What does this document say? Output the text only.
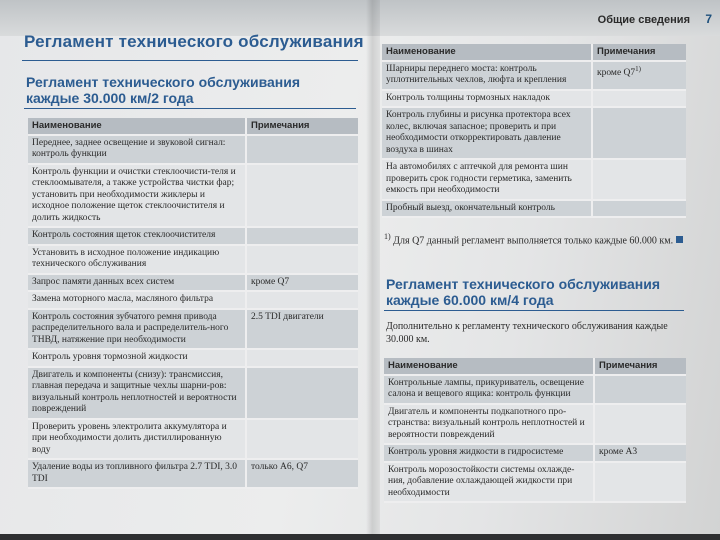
Общие сведения 7
Регламент технического обслуживания
Регламент технического обслуживания
каждые 30.000 км/2 года
Наименование	Примечания
Переднее, заднее освещение и звуковой сигнал: контроль функции	
Контроль функции и очистки стеклоочисти-теля и стеклоомывателя, а также устройства чистки фар; установить при необходимости жиклеры и исходное положение щеток стеклоочистителя и долить жидкость	
Контроль состояния щеток стеклоочистителя	
Установить в исходное положение индикацию технического обслуживания	
Запрос памяти данных всех систем	кроме Q7
Замена моторного масла, масляного фильтра	
Контроль состояния зубчатого ремня привода распределительного вала и распределитель-ного ТНВД, натяжение при необходимости	2.5 TDI двигатели
Контроль уровня тормозной жидкости	
Двигатель и компоненты (снизу): трансмиссия, главная передача и защитные чехлы шарни-ров: визуальный контроль неплотностей и вероятности повреждений	
Проверить уровень электролита аккумулятора и при необходимости долить дистиллированную воду	
Удаление воды из топливного фильтра 2.7 TDI, 3.0 TDI	только А6, Q7
Наименование	Примечания
Шарниры переднего моста: контроль уплотнительных чехлов, люфта и крепления	кроме Q7$^{1)}$
Контроль толщины тормозных накладок	
Контроль глубины и рисунка протектора всех колес, включая запасное; проверить и при необходимости откорректировать давление воздуха в шинах	
На автомобилях с аптечкой для ремонта шин проверить срок годности герметика, заменить емкость при необходимости	
Пробный выезд, окончательный контроль	
$^{1)}$ Для Q7 данный регламент выполняется только каждые 60.000 км.
Регламент технического обслуживания
каждые 60.000 км/4 года
Дополнительно к регламенту технического обслуживания каждые 30.000 км.
Наименование	Примечания
Контрольные лампы, прикуриватель, освещение салона и вещевого ящика: контроль функции	
Двигатель и компоненты подкапотного про-странства: визуальный контроль неплотностей и вероятности повреждений	
Контроль уровня жидкости в гидросистеме	кроме А3
Контроль морозостойкости системы охлажде-ния, добавление охлаждающей жидкости при необходимости	
